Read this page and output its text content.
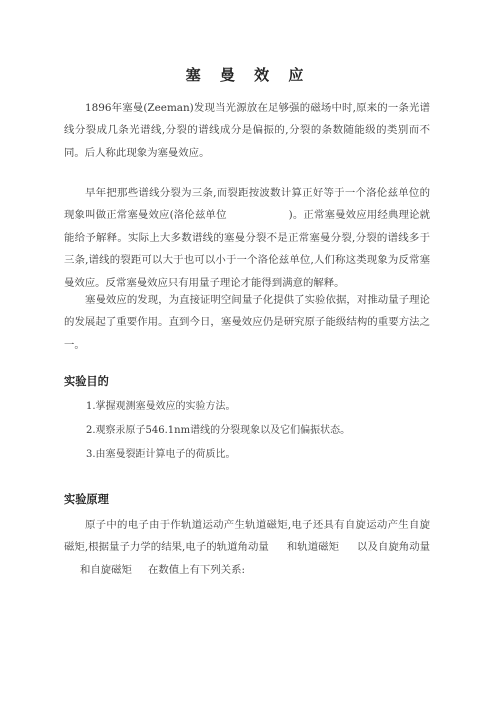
塞 曼 效 应

1896年塞曼(Zeeman)发现当光源放在足够强的磁场中时,原来的一条光谱线分裂成几条光谱线,分裂的谱线成分是偏振的,分裂的条数随能级的类别而不同。后人称此现象为塞曼效应。

早年把那些谱线分裂为三条,而裂距按波数计算正好等于一个洛伦兹单位的现象叫做正常塞曼效应(洛伦兹单位	)。正常塞曼效应用经典理论就能给予解释。实际上大多数谱线的塞曼分裂不是正常塞曼分裂,分裂的谱线多于三条,谱线的裂距可以大于也可以小于一个洛伦兹单位,人们称这类现象为反常塞曼效应。反常塞曼效应只有用量子理论才能得到满意的解释。

塞曼效应的发现，为直接证明空间量子化提供了实验依据，对推动量子理论的发展起了重要作用。直到今日，塞曼效应仍是研究原子能级结构的重要方法之一。

实验目的
1.掌握观测塞曼效应的实验方法。
2.观察汞原子546.1nm谱线的分裂现象以及它们偏振状态。
3.由塞曼裂距计算电子的荷质比。
实验原理

原子中的电子由于作轨道运动产生轨道磁矩,电子还具有自旋运动产生自旋磁矩,根据量子力学的结果,电子的轨道角动量 和轨道磁矩 以及自旋角动量和自旋磁矩 在数值上有下列关系:
